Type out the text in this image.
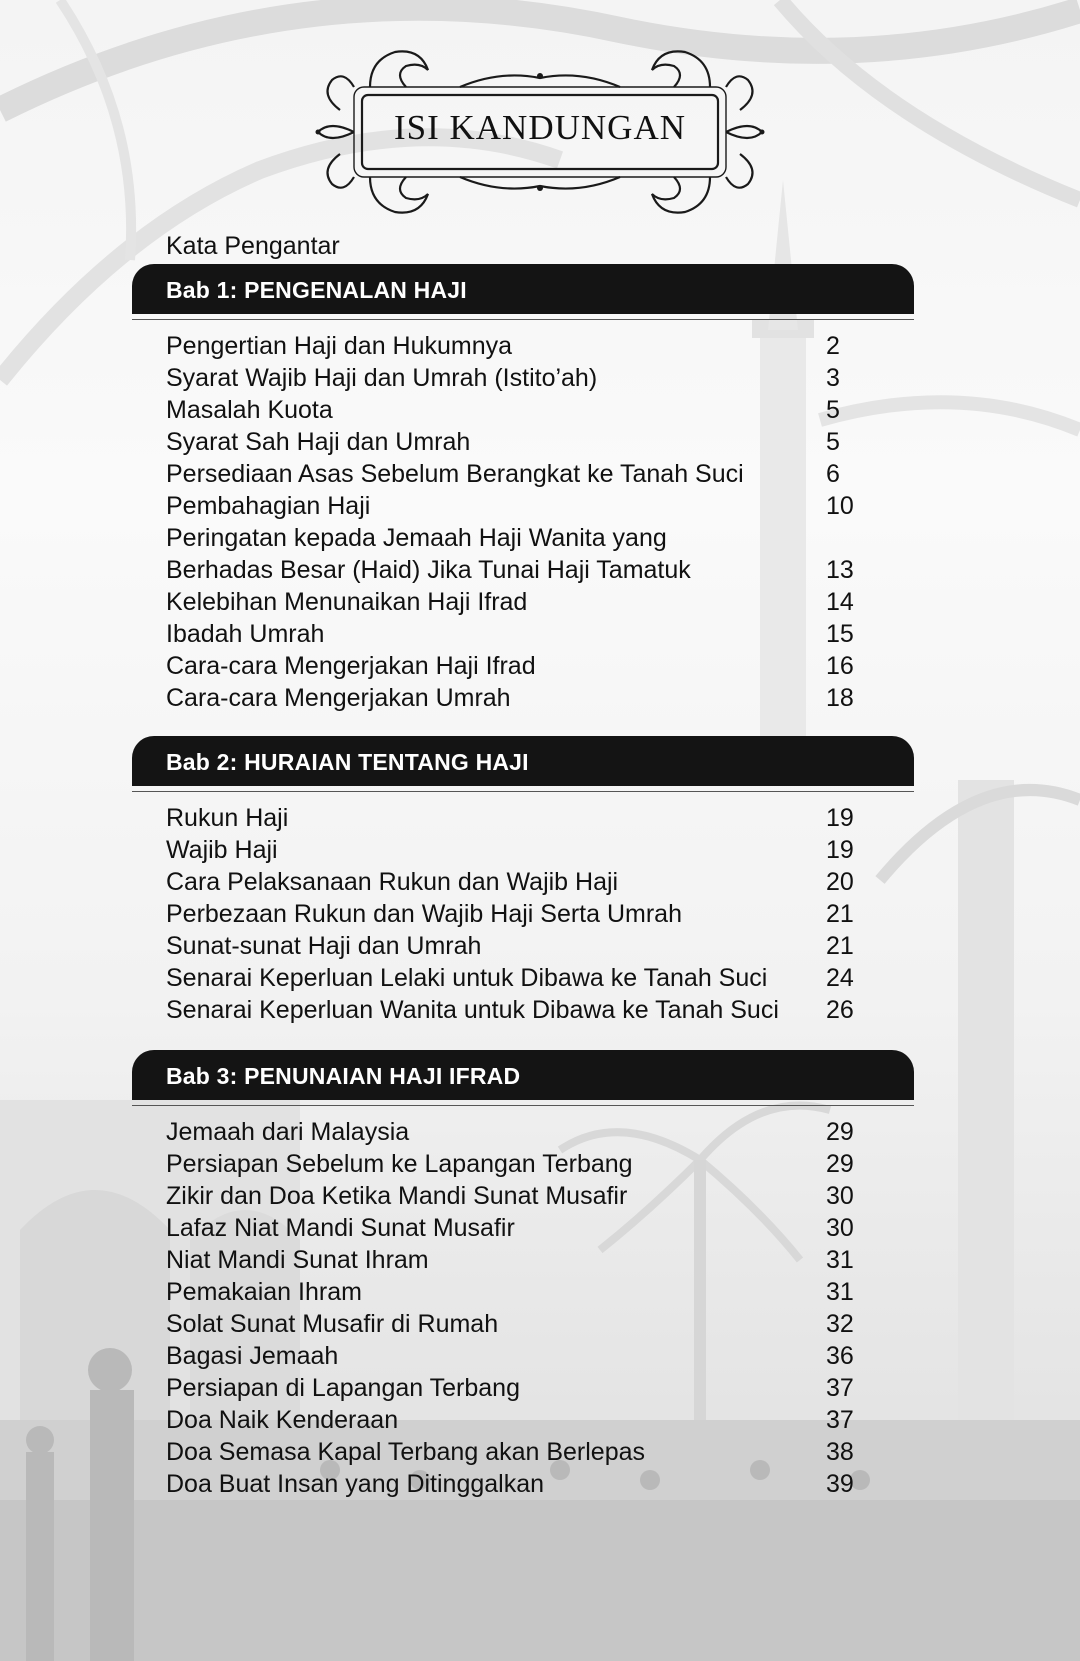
ISI KANDUNGAN
Kata Pengantar
Bab 1: PENGENALAN HAJI
Pengertian Haji dan Hukumnya	2
Syarat Wajib Haji dan Umrah (Istito’ah)	3
Masalah Kuota	5
Syarat Sah Haji dan Umrah	5
Persediaan Asas Sebelum Berangkat ke Tanah Suci	6
Pembahagian Haji	10
Peringatan kepada Jemaah Haji Wanita yang
Berhadas Besar (Haid) Jika Tunai Haji Tamatuk	13
Kelebihan Menunaikan Haji Ifrad	14
Ibadah Umrah	15
Cara-cara Mengerjakan Haji Ifrad	16
Cara-cara Mengerjakan Umrah	18
Bab 2: HURAIAN TENTANG HAJI
Rukun Haji	19
Wajib Haji	19
Cara Pelaksanaan Rukun dan Wajib Haji	20
Perbezaan Rukun dan Wajib Haji Serta Umrah	21
Sunat-sunat Haji dan Umrah	21
Senarai Keperluan Lelaki untuk Dibawa ke Tanah Suci 24
Senarai Keperluan Wanita untuk Dibawa ke Tanah Suci 26
Bab 3: PENUNAIAN HAJI IFRAD
Jemaah dari Malaysia	29
Persiapan Sebelum ke Lapangan Terbang	29
Zikir dan Doa Ketika Mandi Sunat Musafir	30
Lafaz Niat Mandi Sunat Musafir	30
Niat Mandi Sunat Ihram	31
Pemakaian Ihram	31
Solat Sunat Musafir di Rumah	32
Bagasi Jemaah	36
Persiapan di Lapangan Terbang	37
Doa Naik Kenderaan	37
Doa Semasa Kapal Terbang akan Berlepas	38
Doa Buat Insan yang Ditinggalkan	39
